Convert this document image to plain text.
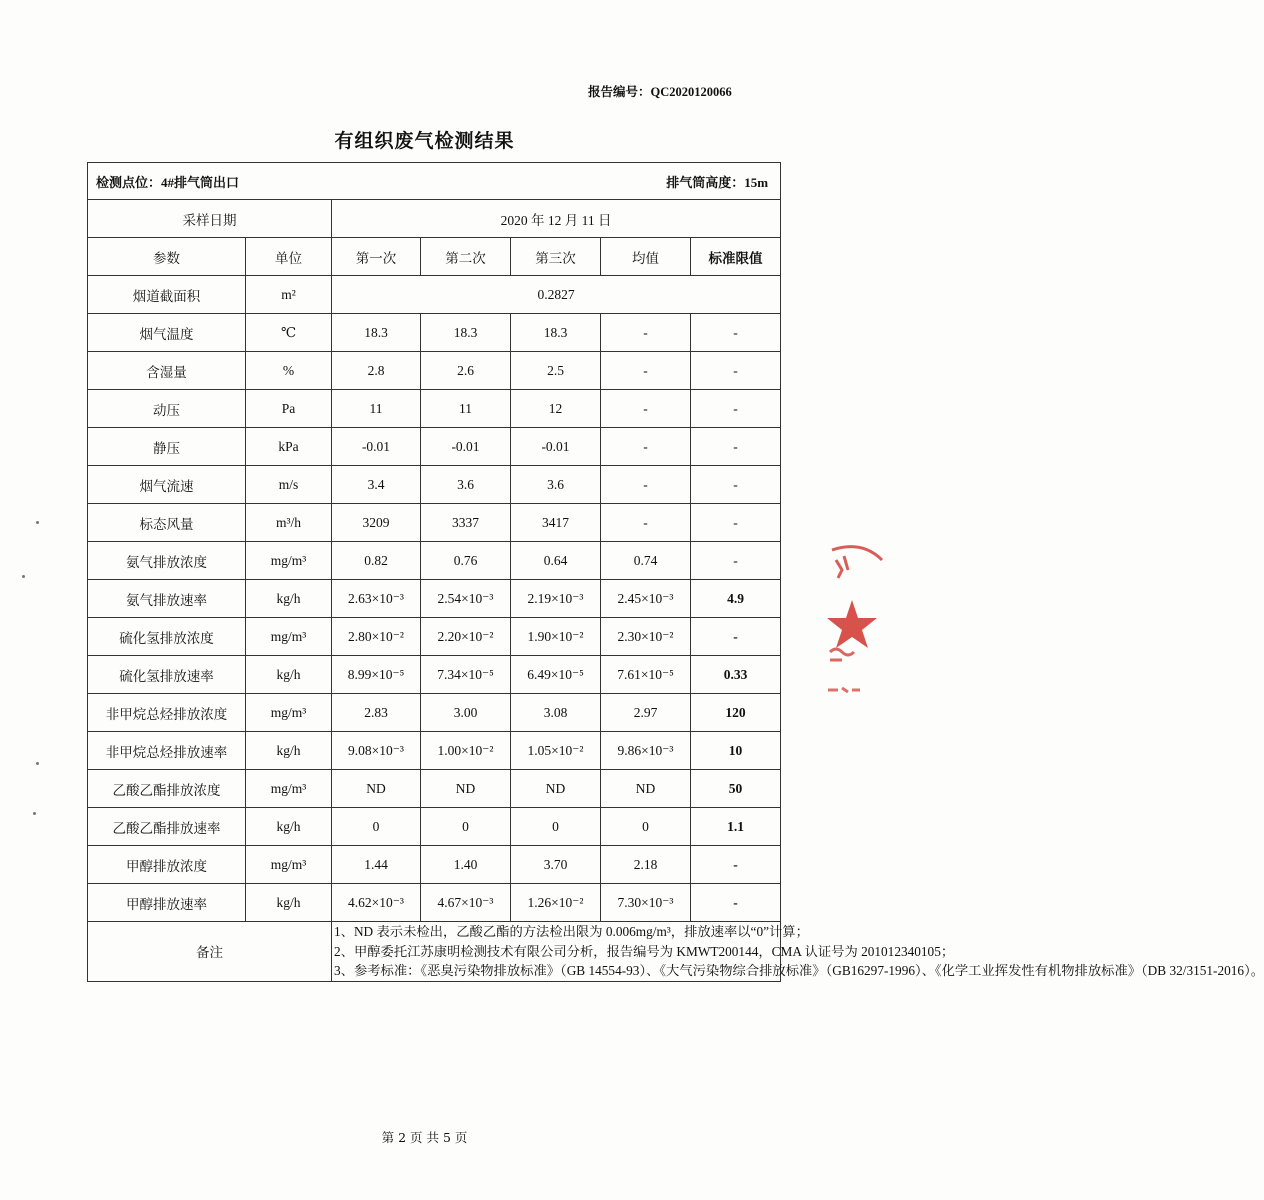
报告编号：QC2020120066
有组织废气检测结果
检测点位：4#排气筒出口 排气筒高度：15m						

采样日期		2020 年 12 月 11 日				
参数	单位	第一次	第二次	第三次	均值	标准限值
烟道截面积	m²	0.2827				
烟气温度	℃	18.3	18.3	18.3	-	-
含湿量	%	2.8	2.6	2.5	-	-
动压	Pa	11	11	12	-	-
静压	kPa	-0.01	-0.01	-0.01	-	-
烟气流速	m/s	3.4	3.6	3.6	-	-
标态风量	m³/h	3209	3337	3417	-	-
氨气排放浓度	mg/m³	0.82	0.76	0.64	0.74	-
氨气排放速率	kg/h	2.63×10⁻³	2.54×10⁻³	2.19×10⁻³	2.45×10⁻³	4.9
硫化氢排放浓度	mg/m³	2.80×10⁻²	2.20×10⁻²	1.90×10⁻²	2.30×10⁻²	-
硫化氢排放速率	kg/h	8.99×10⁻⁵	7.34×10⁻⁵	6.49×10⁻⁵	7.61×10⁻⁵	0.33
非甲烷总烃排放浓度	mg/m³	2.83	3.00	3.08	2.97	120
非甲烷总烃排放速率	kg/h	9.08×10⁻³	1.00×10⁻²	1.05×10⁻²	9.86×10⁻³	10
乙酸乙酯排放浓度	mg/m³	ND	ND	ND	ND	50
乙酸乙酯排放速率	kg/h	0	0	0	0	1.1
甲醇排放浓度	mg/m³	1.44	1.40	3.70	2.18	-
甲醇排放速率	kg/h	4.62×10⁻³	4.67×10⁻³	1.26×10⁻²	7.30×10⁻³	-
备注		1、ND 表示未检出，乙酸乙酯的方法检出限为 0.006mg/m³，排放速率以“0”计算；
2、甲醇委托江苏康明检测技术有限公司分析，报告编号为 KMWT200144，CMA 认证号为 201012340105；
3、参考标准：《恶臭污染物排放标准》（GB 14554-93）、《大气污染物综合排放标准》（GB16297-1996）、《化学工业挥发性有机物排放标准》（DB 32/3151-2016）。				
第 2 页 共 5 页
